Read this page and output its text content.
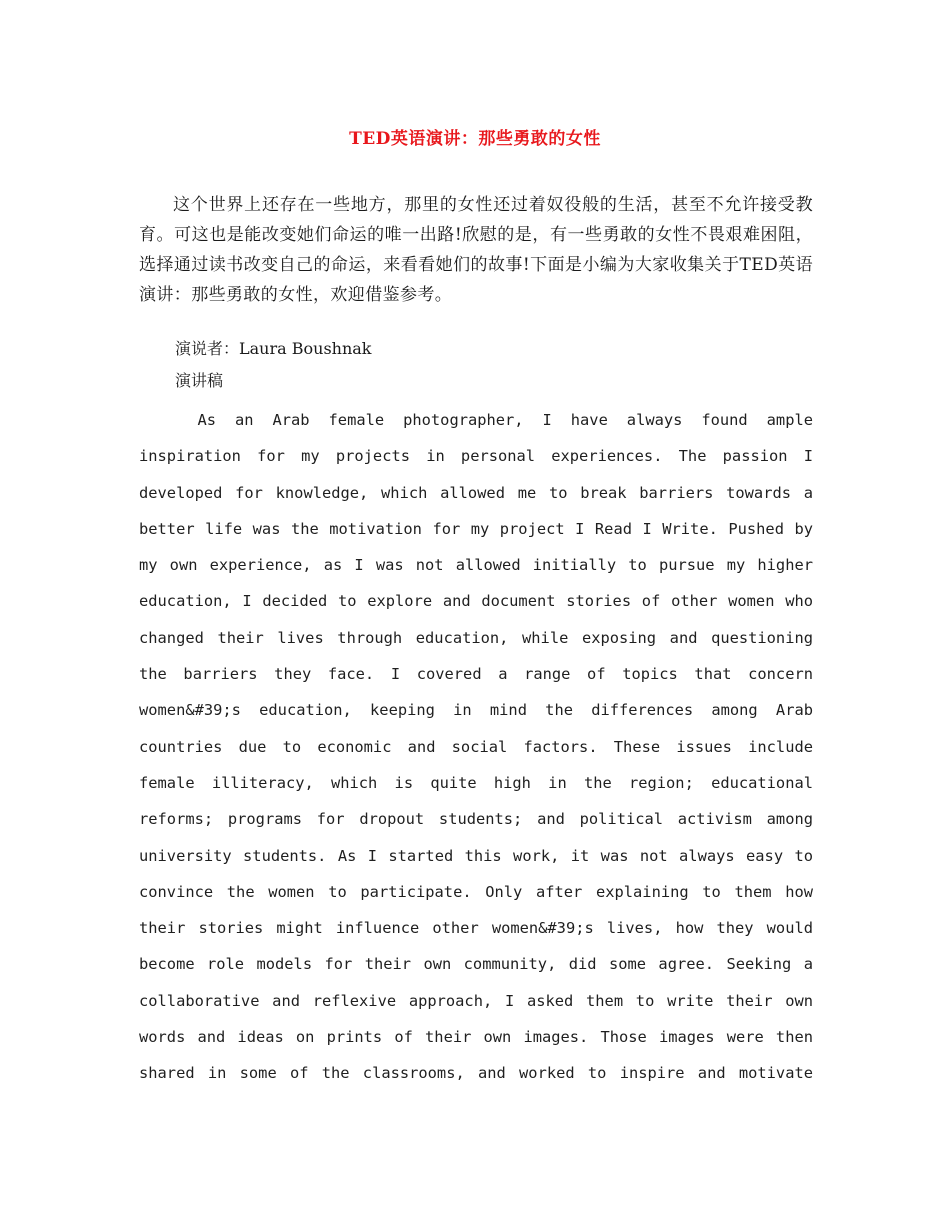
TED英语演讲：那些勇敢的女性

这个世界上还存在一些地方，那里的女性还过着奴役般的生活，甚至不允许接受教育。可这也是能改变她们命运的唯一出路!欣慰的是，有一些勇敢的女性不畏艰难困阻，选择通过读书改变自己的命运，来看看她们的故事!下面是小编为大家收集关于TED英语演讲：那些勇敢的女性，欢迎借鉴参考。

演说者：Laura Boushnak
演讲稿

As an Arab female photographer, I have always found ample inspiration for my projects in personal experiences. The passion I developed for knowledge, which allowed me to break barriers towards a better life was the motivation for my project I Read I Write. Pushed by my own experience, as I was not allowed initially to pursue my higher education, I decided to explore and document stories of other women who changed their lives through education, while exposing and questioning the barriers they face. I covered a range of topics that concern women&#39;s education, keeping in mind the differences among Arab countries due to economic and social factors. These issues include female illiteracy, which is quite high in the region; educational reforms; programs for dropout students; and political activism among university students. As I started this work, it was not always easy to convince the women to participate. Only after explaining to them how their stories might influence other women&#39;s lives, how they would become role models for their own community, did some agree. Seeking a collaborative and reflexive approach, I asked them to write their own words and ideas on prints of their own images. Those images were then shared in some of the classrooms, and worked to inspire and motivate
